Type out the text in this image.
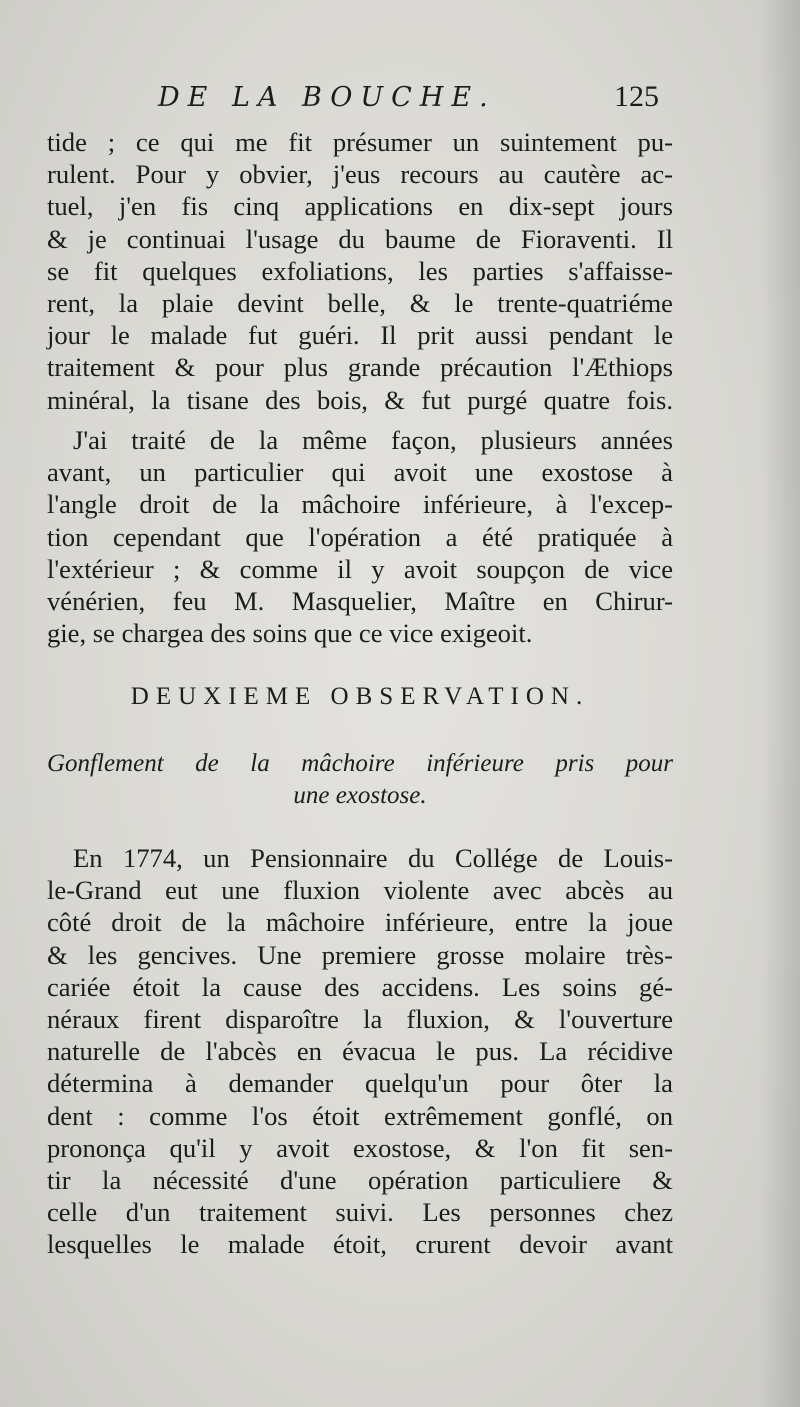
DE LA BOUCHE.	125
tide ; ce qui me fit présumer un suintement pu-
rulent. Pour y obvier, j'eus recours au cautère ac-
tuel, j'en fis cinq applications en dix-sept jours
& je continuai l'usage du baume de Fioraventi. Il
se fit quelques exfoliations, les parties s'affaisse-
rent, la plaie devint belle, & le trente-quatriéme
jour le malade fut guéri. Il prit aussi pendant le
traitement & pour plus grande précaution l'Æthiops
minéral, la tisane des bois, & fut purgé quatre fois.
J'ai traité de la même façon, plusieurs années
avant, un particulier qui avoit une exostose à
l'angle droit de la mâchoire inférieure, à l'excep-
tion cependant que l'opération a été pratiquée à
l'extérieur ; & comme il y avoit soupçon de vice
vénérien, feu M. Masquelier, Maître en Chirur-
gie, se chargea des soins que ce vice exigeoit.
DEUXIEME OBSERVATION.
Gonflement de la mâchoire inférieure pris pour
une exostose.
En 1774, un Pensionnaire du Collége de Louis-
le-Grand eut une fluxion violente avec abcès au
côté droit de la mâchoire inférieure, entre la joue
& les gencives. Une premiere grosse molaire très-
cariée étoit la cause des accidens. Les soins gé-
néraux firent disparoître la fluxion, & l'ouverture
naturelle de l'abcès en évacua le pus. La récidive
détermina à demander quelqu'un pour ôter la
dent : comme l'os étoit extrêmement gonflé, on
prononça qu'il y avoit exostose, & l'on fit sen-
tir la nécessité d'une opération particuliere &
celle d'un traitement suivi. Les personnes chez
lesquelles le malade étoit, crurent devoir avant
